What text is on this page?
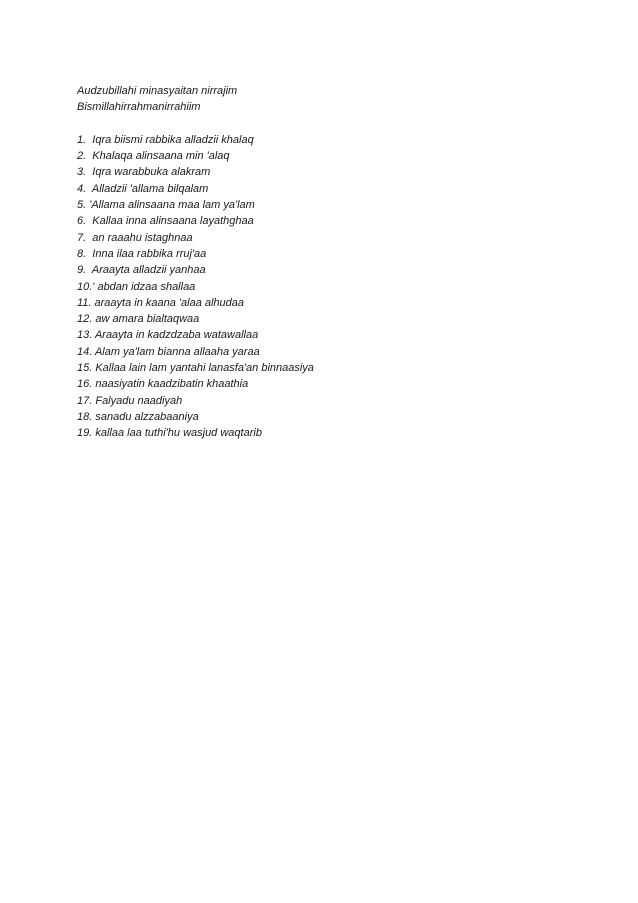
Audzubillahi minasyaitan nirrajim
Bismillahirrahmanirrahiim
1.  Iqra biismi rabbika alladzii khalaq
2.  Khalaqa alinsaana min 'alaq
3.  Iqra warabbuka alakram
4.  Alladzii 'allama bilqalam
5. 'Allama alinsaana maa lam ya'lam
6.  Kallaa inna alinsaana layathghaa
7.  an raaahu istaghnaa
8.  Inna ilaa rabbika rruj'aa
9.  Araayta alladzii yanhaa
10.' abdan idzaa shallaa
11. araayta in kaana 'alaa alhudaa
12. aw amara bialtaqwaa
13. Araayta in kadzdzaba watawallaa
14. Alam ya'lam bianna allaaha yaraa
15. Kallaa lain lam yantahi lanasfa'an binnaasiya
16. naasiyatin kaadzibatin khaathia
17. Falyadu naadiyah
18. sanadu alzzabaaniya
19. kallaa laa tuthi'hu wasjud waqtarib
